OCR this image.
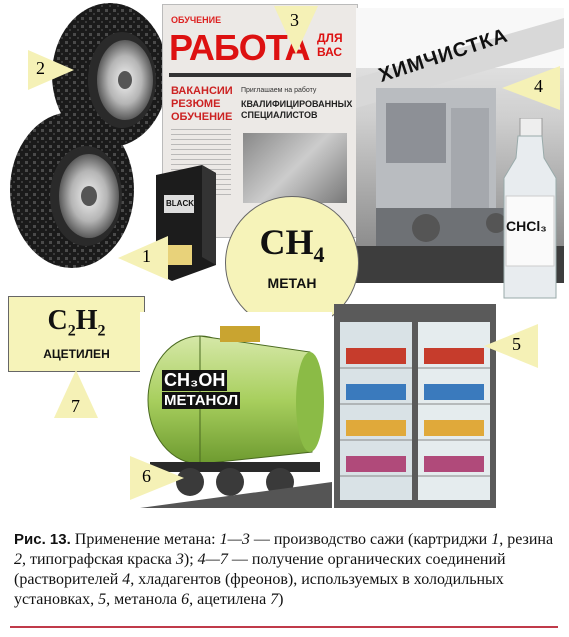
2
ОБУЧЕНИЕ
РАБОТА ДЛЯ ВАС
ВАКАНСИИ РЕЗЮМЕ ОБУЧЕНИЕ
Приглашаем на работу
КВАЛИФИЦИРОВАННЫХ СПЕЦИАЛИСТОВ
3
BLACK
1
ХИМЧИСТКА 4
CHCl₃
$CH_4$
МЕТАН
$C_2H_2$
АЦЕТИЛЕН
7
CH₃OH
МЕТАНОЛ
6
5
Рис. 13. Применение метана: 1—3 — производство сажи (картриджи 1, резина 2, типографская краска 3); 4—7 — получение органических соединений (растворителей 4, хладагентов (фреонов), используемых в холодильных установках, 5, метанола 6, ацетилена 7)
